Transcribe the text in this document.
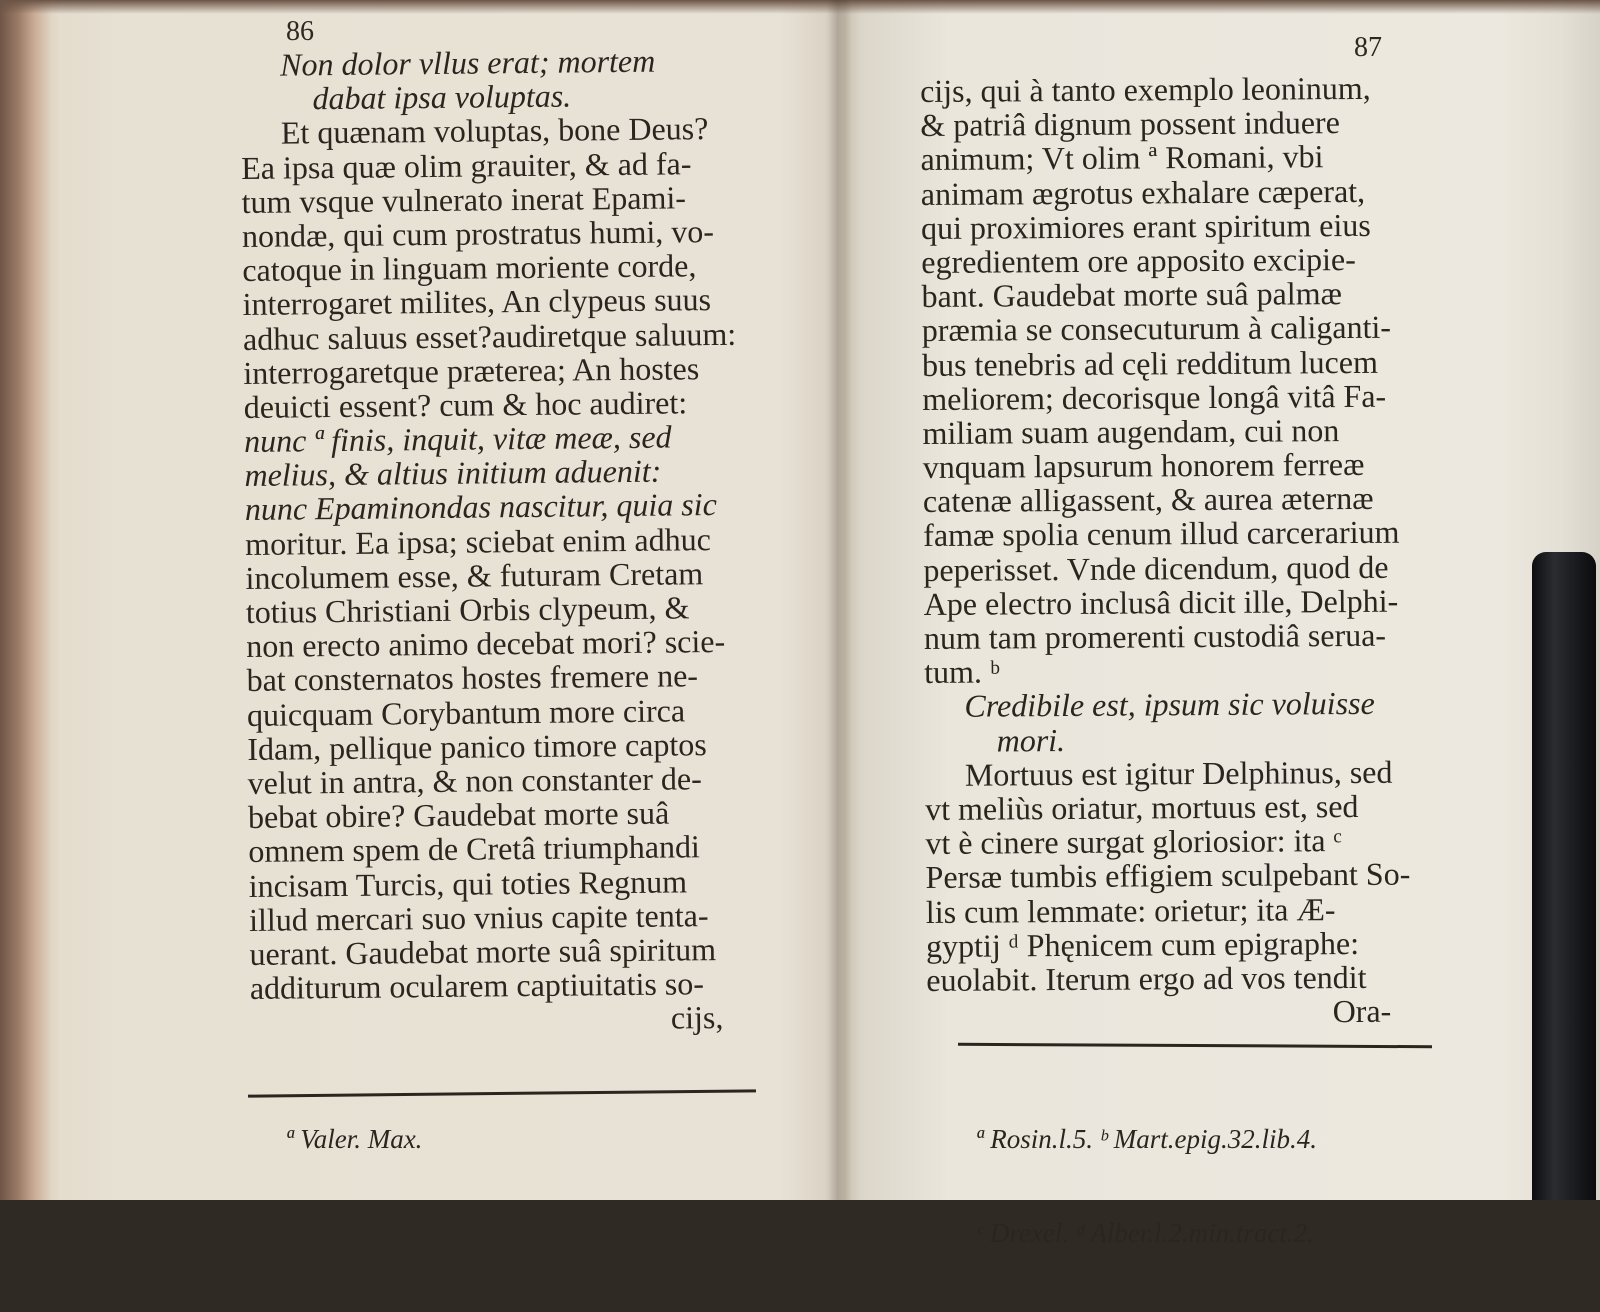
86
Non dolor vllus erat; mortem
dabat ipsa voluptas.
Et quænam voluptas, bone Deus?
Ea ipsa quæ olim grauiter, & ad fa-
tum vsque vulnerato inerat Epami-
nondæ, qui cum prostratus humi, vo-
catoque in linguam moriente corde,
interrogaret milites, An clypeus suus
adhuc saluus esset?audiretque saluum:
interrogaretque præterea; An hostes
deuicti essent? cum & hoc audiret:
nunc ª finis, inquit, vitæ meæ, sed
melius, & altius initium aduenit:
nunc Epaminondas nascitur, quia sic
moritur. Ea ipsa; sciebat enim adhuc
incolumem esse, & futuram Cretam
totius Christiani Orbis clypeum, &
non erecto animo decebat mori? scie-
bat consternatos hostes fremere ne-
quicquam Corybantum more circa
Idam, pellique panico timore captos
velut in antra, & non constanter de-
bebat obire? Gaudebat morte suâ
omnem spem de Cretâ triumphandi
incisam Turcis, qui toties Regnum
illud mercari suo vnius capite tenta-
uerant. Gaudebat morte suâ spiritum
additurum ocularem captiuitatis so-
cijs,
ª Valer. Max.
87
cijs, qui à tanto exemplo leoninum,
& patriâ dignum possent induere
animum; Vt olim ª Romani, vbi
animam ægrotus exhalare cæperat,
qui proximiores erant spiritum eius
egredientem ore apposito excipie-
bant. Gaudebat morte suâ palmæ
præmia se consecuturum à caliganti-
bus tenebris ad cęli redditum lucem
meliorem; decorisque longâ vitâ Fa-
miliam suam augendam, cui non
vnquam lapsurum honorem ferreæ
catenæ alligassent, & aurea æternæ
famæ spolia cenum illud carcerarium
peperisset. Vnde dicendum, quod de
Ape electro inclusâ dicit ille, Delphi-
num tam promerenti custodiâ serua-
tum. ᵇ
Credibile est, ipsum sic voluisse
mori.
Mortuus est igitur Delphinus, sed
vt meliùs oriatur, mortuus est, sed
vt è cinere surgat gloriosior: ita ᶜ
Persæ tumbis effigiem sculpebant So-
lis cum lemmate: orietur; ita Æ-
gyptij ᵈ Phęnicem cum epigraphe:
euolabit. Iterum ergo ad vos tendit
Ora-

ª Rosin.l.5. ᵇ Mart.epig.32.lib.4.

ᶜ Drexel. ᵈ Alber.l.2.min.tract.2.
